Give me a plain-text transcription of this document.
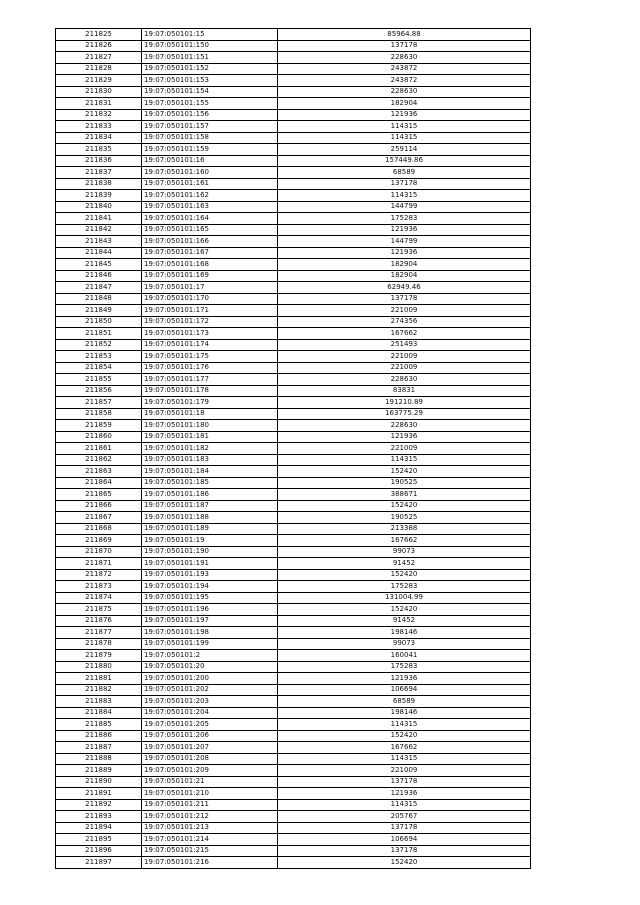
211825	19:07:050101:15	85964.88
211826	19:07:050101:150	137178
211827	19:07:050101:151	228630
211828	19:07:050101:152	243872
211829	19:07:050101:153	243872
211830	19:07:050101:154	228630
211831	19:07:050101:155	182904
211832	19:07:050101:156	121936
211833	19:07:050101:157	114315
211834	19:07:050101:158	114315
211835	19:07:050101:159	259114
211836	19:07:050101:16	157449.86
211837	19:07:050101:160	68589
211838	19:07:050101:161	137178
211839	19:07:050101:162	114315
211840	19:07:050101:163	144799
211841	19:07:050101:164	175283
211842	19:07:050101:165	121936
211843	19:07:050101:166	144799
211844	19:07:050101:167	121936
211845	19:07:050101:168	182904
211846	19:07:050101:169	182904
211847	19:07:050101:17	62949.46
211848	19:07:050101:170	137178
211849	19:07:050101:171	221009
211850	19:07:050101:172	274356
211851	19:07:050101:173	167662
211852	19:07:050101:174	251493
211853	19:07:050101:175	221009
211854	19:07:050101:176	221009
211855	19:07:050101:177	228630
211856	19:07:050101:178	83831
211857	19:07:050101:179	191210.89
211858	19:07:050101:18	163775.29
211859	19:07:050101:180	228630
211860	19:07:050101:181	121936
211861	19:07:050101:182	221009
211862	19:07:050101:183	114315
211863	19:07:050101:184	152420
211864	19:07:050101:185	190525
211865	19:07:050101:186	388671
211866	19:07:050101:187	152420
211867	19:07:050101:188	190525
211868	19:07:050101:189	213388
211869	19:07:050101:19	167662
211870	19:07:050101:190	99073
211871	19:07:050101:191	91452
211872	19:07:050101:193	152420
211873	19:07:050101:194	175283
211874	19:07:050101:195	131004.99
211875	19:07:050101:196	152420
211876	19:07:050101:197	91452
211877	19:07:050101:198	198146
211878	19:07:050101:199	99073
211879	19:07:050101:2	160041
211880	19:07:050101:20	175283
211881	19:07:050101:200	121936
211882	19:07:050101:202	106694
211883	19:07:050101:203	68589
211884	19:07:050101:204	198146
211885	19:07:050101:205	114315
211886	19:07:050101:206	152420
211887	19:07:050101:207	167662
211888	19:07:050101:208	114315
211889	19:07:050101:209	221009
211890	19:07:050101:21	137178
211891	19:07:050101:210	121936
211892	19:07:050101:211	114315
211893	19:07:050101:212	205767
211894	19:07:050101:213	137178
211895	19:07:050101:214	106694
211896	19:07:050101:215	137178
211897	19:07:050101:216	152420
